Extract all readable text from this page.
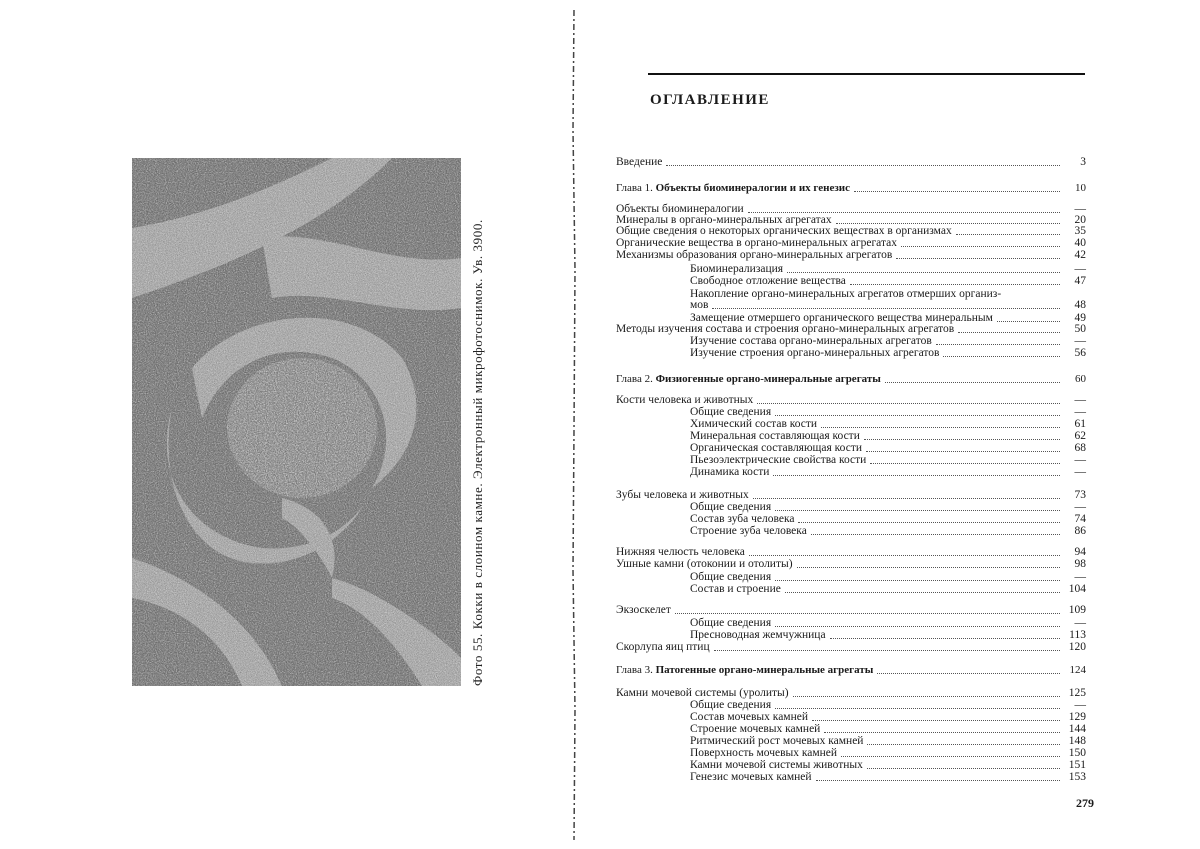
Фото 55. Кокки в слоином камне. Электронный микрофотоснимок. Ув. 3900.
ОГЛАВЛЕНИЕ
Введение	3
Глава 1. Объекты биоминералогии и их генезис	10
Объекты биоминералогии	—
Минералы в органо-минеральных агрегатах	20
Общие сведения о некоторых органических веществах в организмах	35
Органические вещества в органо-минеральных агрегатах	40
Механизмы образования органо-минеральных агрегатов	42
Биоминерализация	—
Свободное отложение вещества	47
Накопление органо-минеральных агрегатов отмерших организ-
мов	48
Замещение отмершего органического вещества минеральным	49
Методы изучения состава и строения органо-минеральных агрегатов	50
Изучение состава органо-минеральных агрегатов	—
Изучение строения органо-минеральных агрегатов	56
Глава 2. Физиогенные органо-минеральные агрегаты	60
Кости человека и животных	—
Общие сведения	—
Химический состав кости	61
Минеральная составляющая кости	62
Органическая составляющая кости	68
Пьезоэлектрические свойства кости	—
Динамика кости	—
Зубы человека и животных	73
Общие сведения	—
Состав зуба человека	74
Строение зуба человека	86
Нижняя челюсть человека	94
Ушные камни (отоконии и отолиты)	98
Общие сведения	—
Состав и строение	104
Экзоскелет	109
Общие сведения	—
Пресноводная жемчужница	113
Скорлупа яиц птиц	120
Глава 3. Патогенные органо-минеральные агрегаты	124
Камни мочевой системы (уролиты)	125
Общие сведения	—
Состав мочевых камней	129
Строение мочевых камней	144
Ритмический рост мочевых камней	148
Поверхность мочевых камней	150
Камни мочевой системы животных	151
Генезис мочевых камней	153
279
